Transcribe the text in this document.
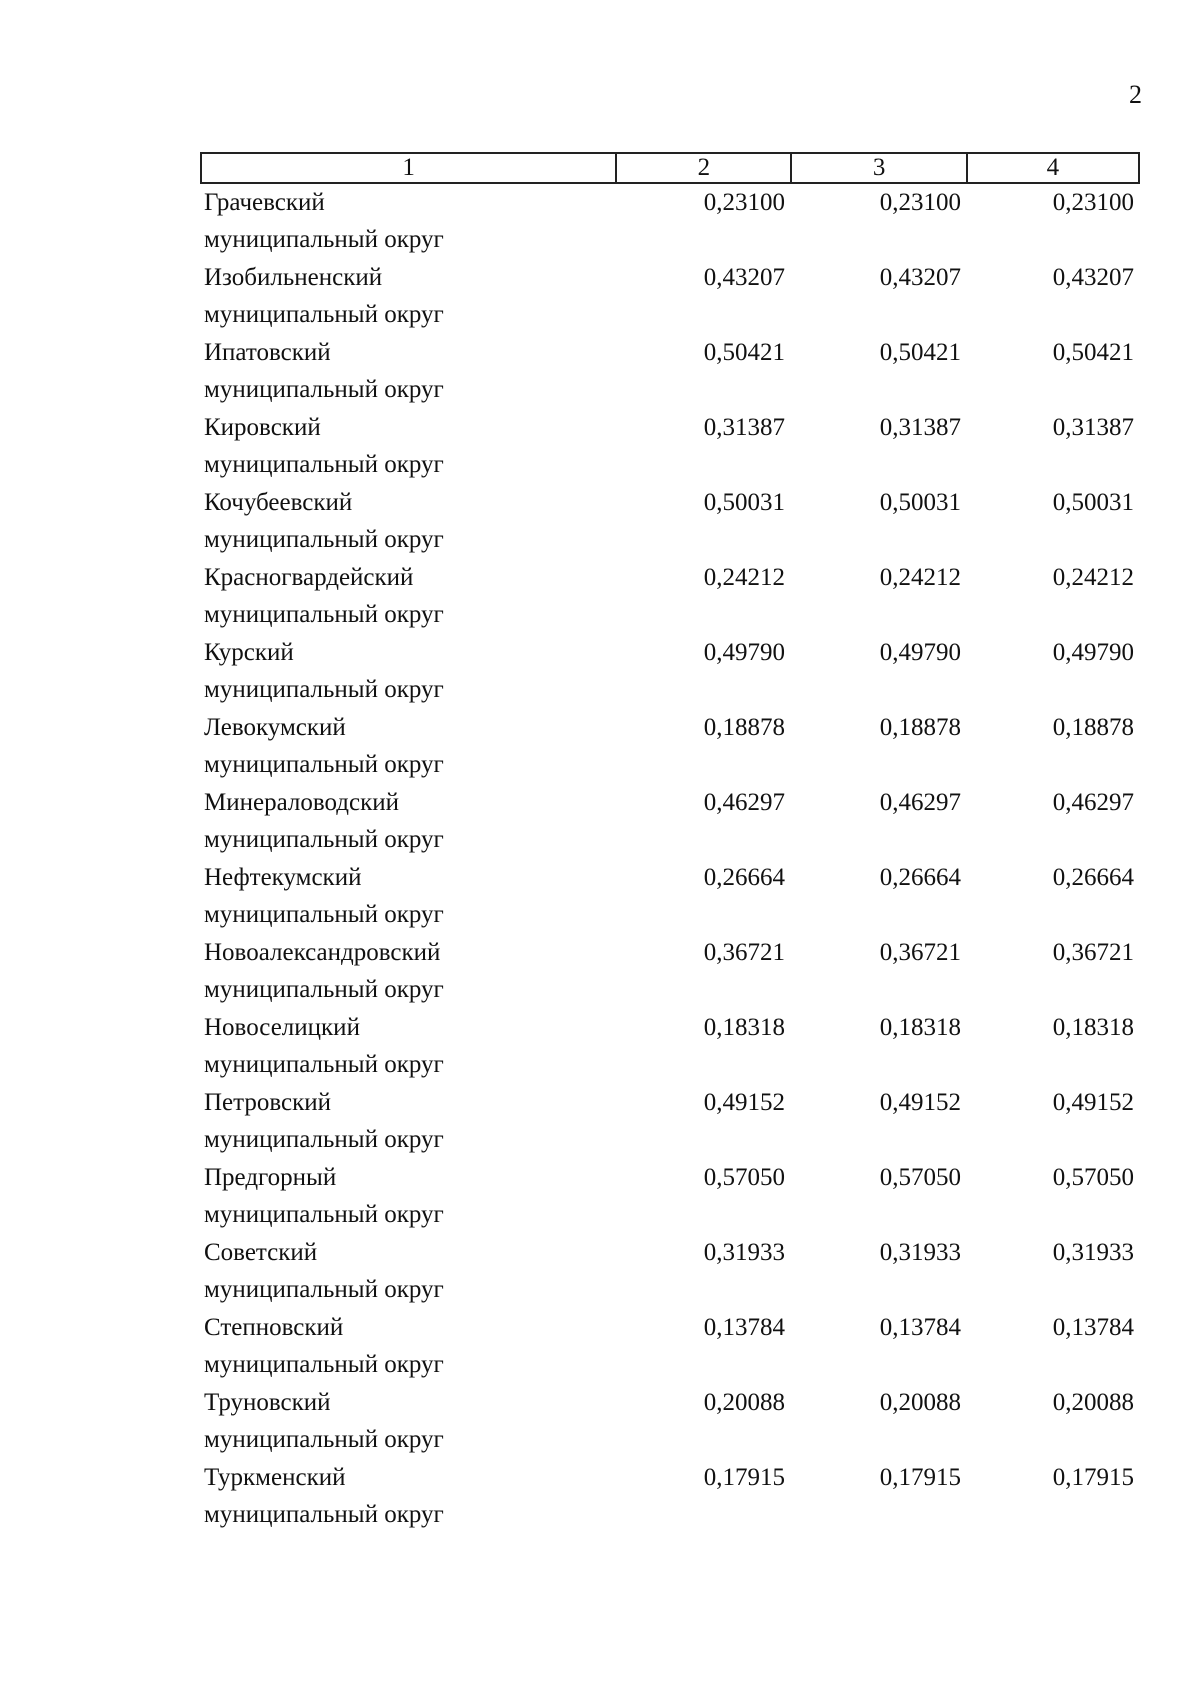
2
1	2	3	4
Грачевский
муниципальный округ
0,23100	0,23100	0,23100
Изобильненский
муниципальный округ
0,43207	0,43207	0,43207
Ипатовский
муниципальный округ
0,50421	0,50421	0,50421
Кировский
муниципальный округ
0,31387	0,31387	0,31387
Кочубеевский
муниципальный округ
0,50031	0,50031	0,50031
Красногвардейский
муниципальный округ
0,24212	0,24212	0,24212
Курский
муниципальный округ
0,49790	0,49790	0,49790
Левокумский
муниципальный округ
0,18878	0,18878	0,18878
Минераловодский
муниципальный округ
0,46297	0,46297	0,46297
Нефтекумский
муниципальный округ
0,26664	0,26664	0,26664
Новоалександровский
муниципальный округ
0,36721	0,36721	0,36721
Новоселицкий
муниципальный округ
0,18318	0,18318	0,18318
Петровский
муниципальный округ
0,49152	0,49152	0,49152
Предгорный
муниципальный округ
0,57050	0,57050	0,57050
Советский
муниципальный округ
0,31933	0,31933	0,31933
Степновский
муниципальный округ
0,13784	0,13784	0,13784
Труновский
муниципальный округ
0,20088	0,20088	0,20088
Туркменский
муниципальный округ
0,17915	0,17915	0,17915
